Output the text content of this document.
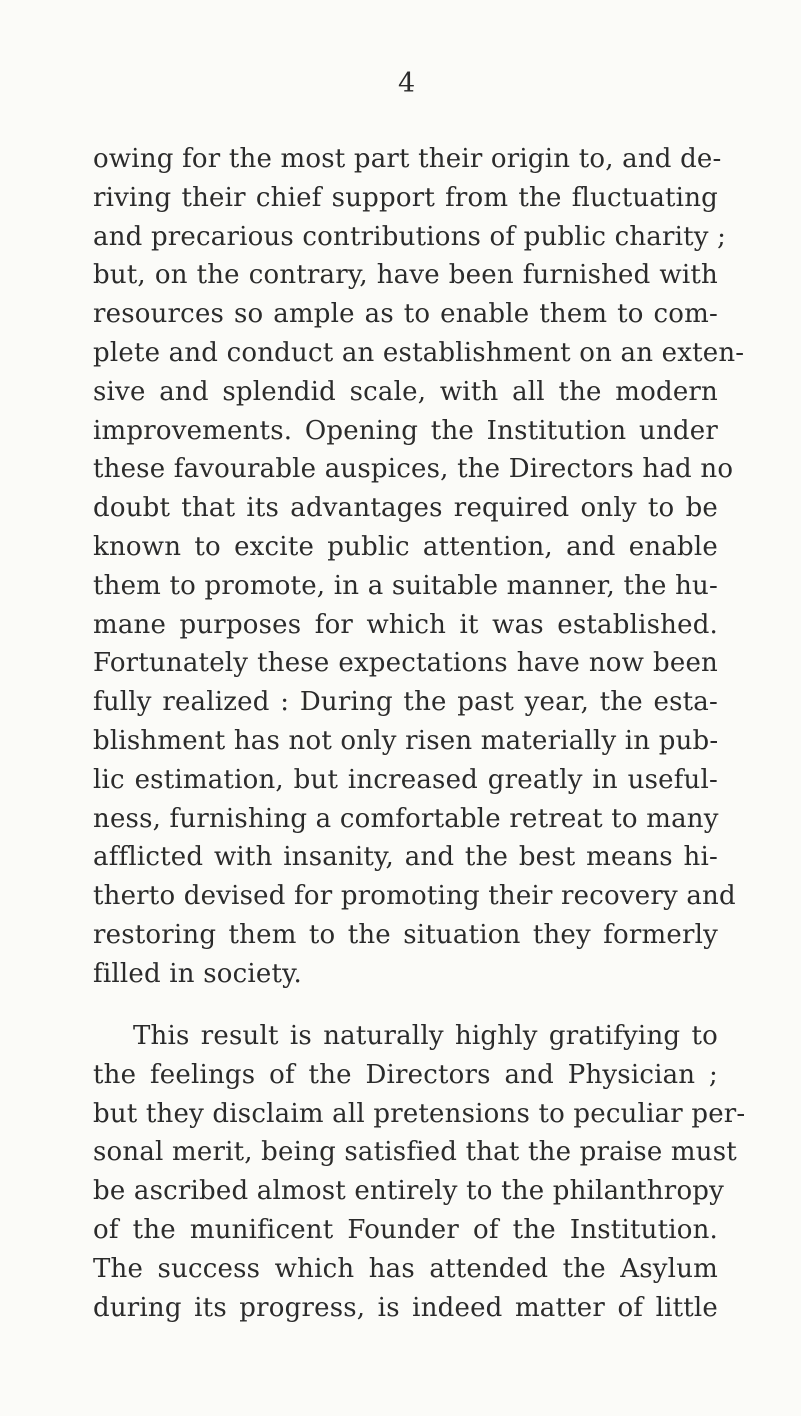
4
owing for the most part their origin to, and de-
riving their chief support from the fluctuating
and precarious contributions of public charity ;
but, on the contrary, have been furnished with
resources so ample as to enable them to com-
plete and conduct an establishment on an exten-
sive and splendid scale, with all the modern
improvements. Opening the Institution under
these favourable auspices, the Directors had no
doubt that its advantages required only to be
known to excite public attention, and enable
them to promote, in a suitable manner, the hu-
mane purposes for which it was established.
Fortunately these expectations have now been
fully realized : During the past year, the esta-
blishment has not only risen materially in pub-
lic estimation, but increased greatly in useful-
ness, furnishing a comfortable retreat to many
afflicted with insanity, and the best means hi-
therto devised for promoting their recovery and
restoring them to the situation they formerly
filled in society.
This result is naturally highly gratifying to
the feelings of the Directors and Physician ;
but they disclaim all pretensions to peculiar per-
sonal merit, being satisfied that the praise must
be ascribed almost entirely to the philanthropy
of the munificent Founder of the Institution.
The success which has attended the Asylum
during its progress, is indeed matter of little
